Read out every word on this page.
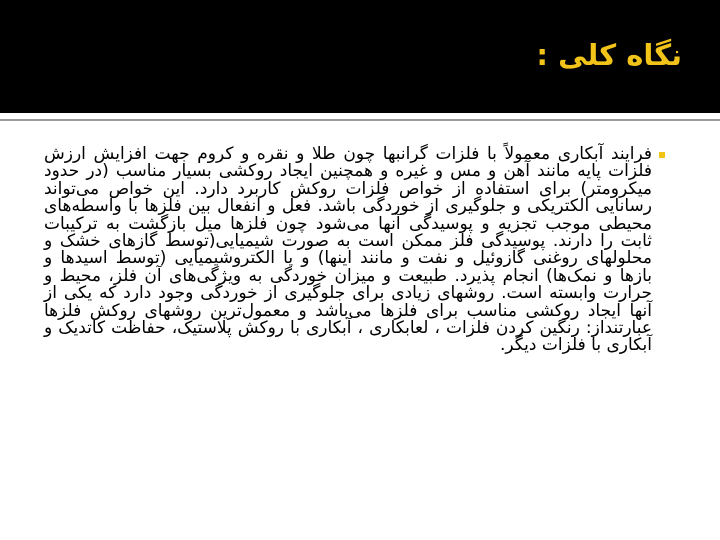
نگاه کلی :

فرایند آبکاری معمولاً با فلزات گرانبها چون طلا و نقره و کروم جهت افزایش ارزش فلزات پایه مانند آهن و مس و غیره و همچنین ایجاد روکشی بسیار مناسب (در حدود میکرومتر) برای استفاده از خواص فلزات روکش کاربرد دارد. این خواص می‌تواند رسانایی الکتریکی و جلوگیری از خوردگی باشد. فعل و انفعال بین فلزها با واسطه‌های محیطی موجب تجزیه و پوسیدگی آنها می‌شود چون فلزها میل بازگشت به ترکیبات ثابت را دارند. پوسیدگی فلز ممکن است به صورت شیمیایی(توسط گازهای خشک و محلولهای روغنی گازوئیل و نفت و مانند اینها) و یا الکتروشیمیایی (توسط اسیدها و بازها و نمک‌ها) انجام پذیرد. طبیعت و میزان خوردگی به ویژگی‌های آن فلز، محیط و حرارت وابسته است. روشهای زیادی برای جلوگیری از خوردگی وجود دارد که یکی از آنها ایجاد روکشی مناسب برای فلزها می‌باشد و معمول‌ترین روشهای روکش فلزها عبارتنداز: رنگین کردن فلزات ، لعابکاری ، آبکاری با روکش پلاستیک، حفاظت کاتدیک و آبکاری با فلزات دیگر.
